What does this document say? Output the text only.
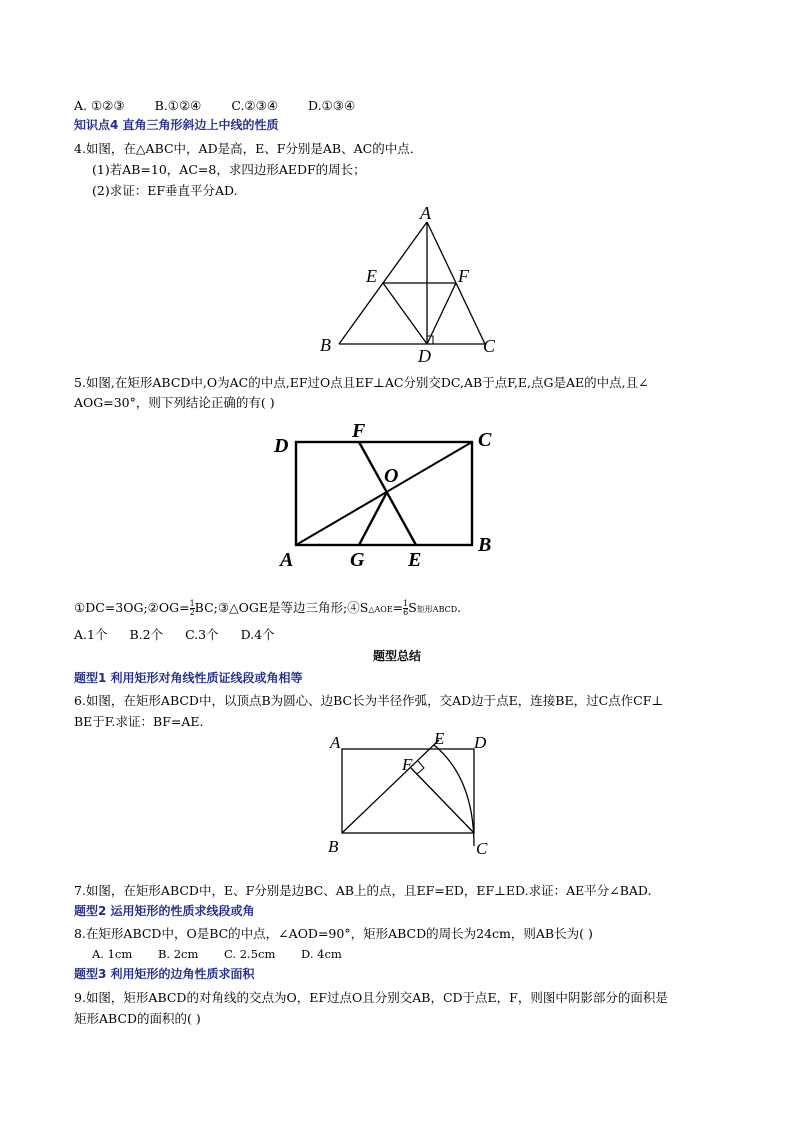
A. ①②③ B.①②④ C.②③④ D.①③④
知识点4 直角三角形斜边上中线的性质
4.如图，在△ABC中，AD是高，E、F分别是AB、AC的中点．
(1)若AB=10，AC=8，求四边形AEDF的周长；
(2)求证：EF垂直平分AD.
A
E	F
B
D	C
5.如图,在矩形ABCD中,O为AC的中点,EF过O点且EF⊥AC分别交DC,AB于点F,E,点G是AE的中点,且∠
AOG=30°，则下列结论正确的有( )
D
F	C
O
B
A	G E
①DC=3OG;②OG= $\frac{1}{2}BC;③\triangle OGE$是等边三角形;④S△AOE= $\frac{1}{6}S$矩形ABCD.
A.1个 B.2个 C.3个 D.4个
题型总结
题型1 利用矩形对角线性质证线段或角相等
6.如图，在矩形ABCD中，以顶点B为圆心、边BC长为半径作弧，交AD边于点E，连接BE，过C点作CF⊥
BE于F.求证：BF=AE.
A	E D
F
B	C
7.如图，在矩形ABCD中，E、F分别是边BC、AB上的点，且EF=ED，EF⊥ED.求证：AE平分∠BAD.
题型2 运用矩形的性质求线段或角
8.在矩形ABCD中，O是BC的中点，∠AOD=90°，矩形ABCD的周长为24cm，则AB长为( )
A. 1cm B. 2cm C. 2.5cm D. 4cm
题型3 利用矩形的边角性质求面积
9.如图，矩形ABCD的对角线的交点为O，EF过点O且分别交AB，CD于点E，F，则图中阴影部分的面积是
矩形ABCD的面积的( )
